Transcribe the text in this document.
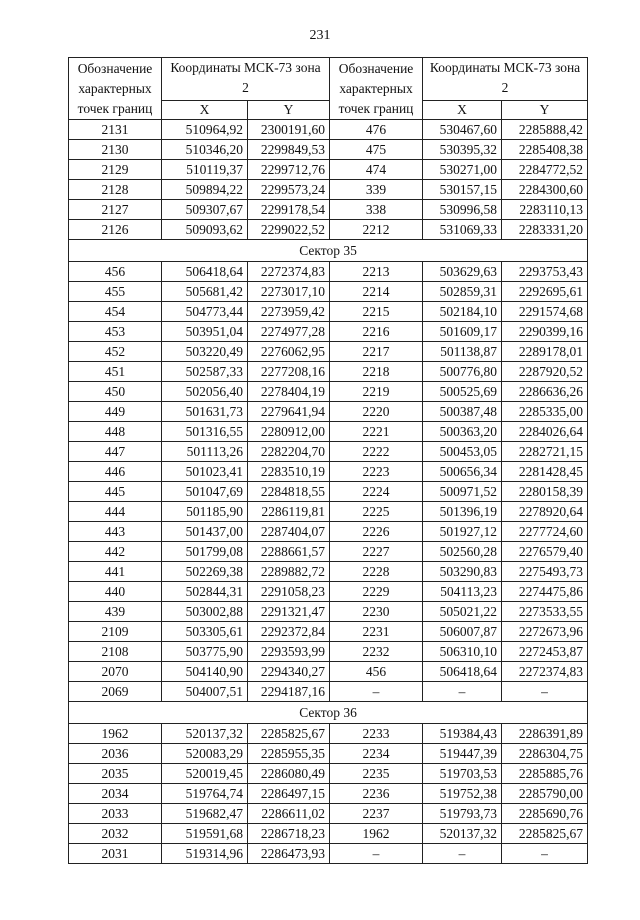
231
Обозначение характерных точек границ	Координаты МСК-73 зона 2		Обозначение характерных точек границ	Координаты МСК-73 зона 2	
	X	Y		X	Y
2131	510964,92	2300191,60	476	530467,60	2285888,42
2130	510346,20	2299849,53	475	530395,32	2285408,38
2129	510119,37	2299712,76	474	530271,00	2284772,52
2128	509894,22	2299573,24	339	530157,15	2284300,60
2127	509307,67	2299178,54	338	530996,58	2283110,13
2126	509093,62	2299022,52	2212	531069,33	2283331,20
Сектор 35					
456	506418,64	2272374,83	2213	503629,63	2293753,43
455	505681,42	2273017,10	2214	502859,31	2292695,61
454	504773,44	2273959,42	2215	502184,10	2291574,68
453	503951,04	2274977,28	2216	501609,17	2290399,16
452	503220,49	2276062,95	2217	501138,87	2289178,01
451	502587,33	2277208,16	2218	500776,80	2287920,52
450	502056,40	2278404,19	2219	500525,69	2286636,26
449	501631,73	2279641,94	2220	500387,48	2285335,00
448	501316,55	2280912,00	2221	500363,20	2284026,64
447	501113,26	2282204,70	2222	500453,05	2282721,15
446	501023,41	2283510,19	2223	500656,34	2281428,45
445	501047,69	2284818,55	2224	500971,52	2280158,39
444	501185,90	2286119,81	2225	501396,19	2278920,64
443	501437,00	2287404,07	2226	501927,12	2277724,60
442	501799,08	2288661,57	2227	502560,28	2276579,40
441	502269,38	2289882,72	2228	503290,83	2275493,73
440	502844,31	2291058,23	2229	504113,23	2274475,86
439	503002,88	2291321,47	2230	505021,22	2273533,55
2109	503305,61	2292372,84	2231	506007,87	2272673,96
2108	503775,90	2293593,99	2232	506310,10	2272453,87
2070	504140,90	2294340,27	456	506418,64	2272374,83
2069	504007,51	2294187,16	–	–	–
Сектор 36					
1962	520137,32	2285825,67	2233	519384,43	2286391,89
2036	520083,29	2285955,35	2234	519447,39	2286304,75
2035	520019,45	2286080,49	2235	519703,53	2285885,76
2034	519764,74	2286497,15	2236	519752,38	2285790,00
2033	519682,47	2286611,02	2237	519793,73	2285690,76
2032	519591,68	2286718,23	1962	520137,32	2285825,67
2031	519314,96	2286473,93	–	–	–
